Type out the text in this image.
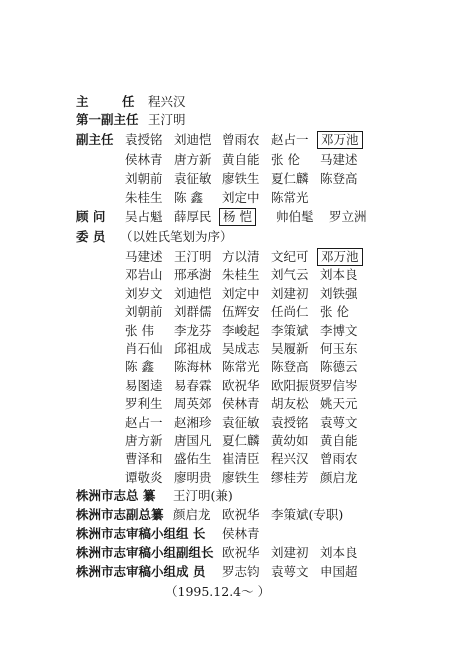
主	任 程兴汉
第一副主任 王汀明
副主任 袁授铭 刘迪恺 曾雨农 赵占一 邓万池
侯林青 唐方新 黄自能 张 伦 马建述
刘朝前 袁征敏 廖铁生 夏仁麟 陈登高
朱桂生 陈 鑫 刘定中 陈常光
顾 问 吴占魁 薛厚民 杨 恺	帅伯髦 罗立洲
委 员 （以姓氏笔划为序）
马建述 王汀明 方以清 文纪可 邓万池
邓岩山 邢承澍 朱桂生 刘气云 刘本良
刘岁文 刘迪恺 刘定中 刘建初 刘铁强
刘朝前 刘群儒 伍辉安 任尚仁 张 伦
张 伟 李龙芬 李峻起 李策斌 李博文
肖石仙 邱祖成 吴成志 吴履新 何玉东
陈 鑫 陈海林 陈常光 陈登高 陈德云
易图逵 易春霖 欧祝华 欧阳振贤
罗信岑
罗利生 周英郊 侯林青 胡友松 姚天元
赵占一 赵湘珍 袁征敏 袁授铭 袁萼文
唐方新 唐国凡 夏仁麟 黄幼如 黄自能
曹泽和 盛佑生 崔清臣 程兴汉 曾雨农
谭敬炎 廖明贵 廖铁生 缪桂芳 颜启龙
株洲市志总 纂 王汀明(兼)
株洲市志副总纂 颜启龙 欧祝华 李策斌(专职)
株洲市志审稿小组组 长 侯林青
株洲市志审稿小组副组长 欧祝华 刘建初 刘本良
株洲市志审稿小组成 员 罗志钧 袁萼文 申国超
（1995.12.4～ ）
